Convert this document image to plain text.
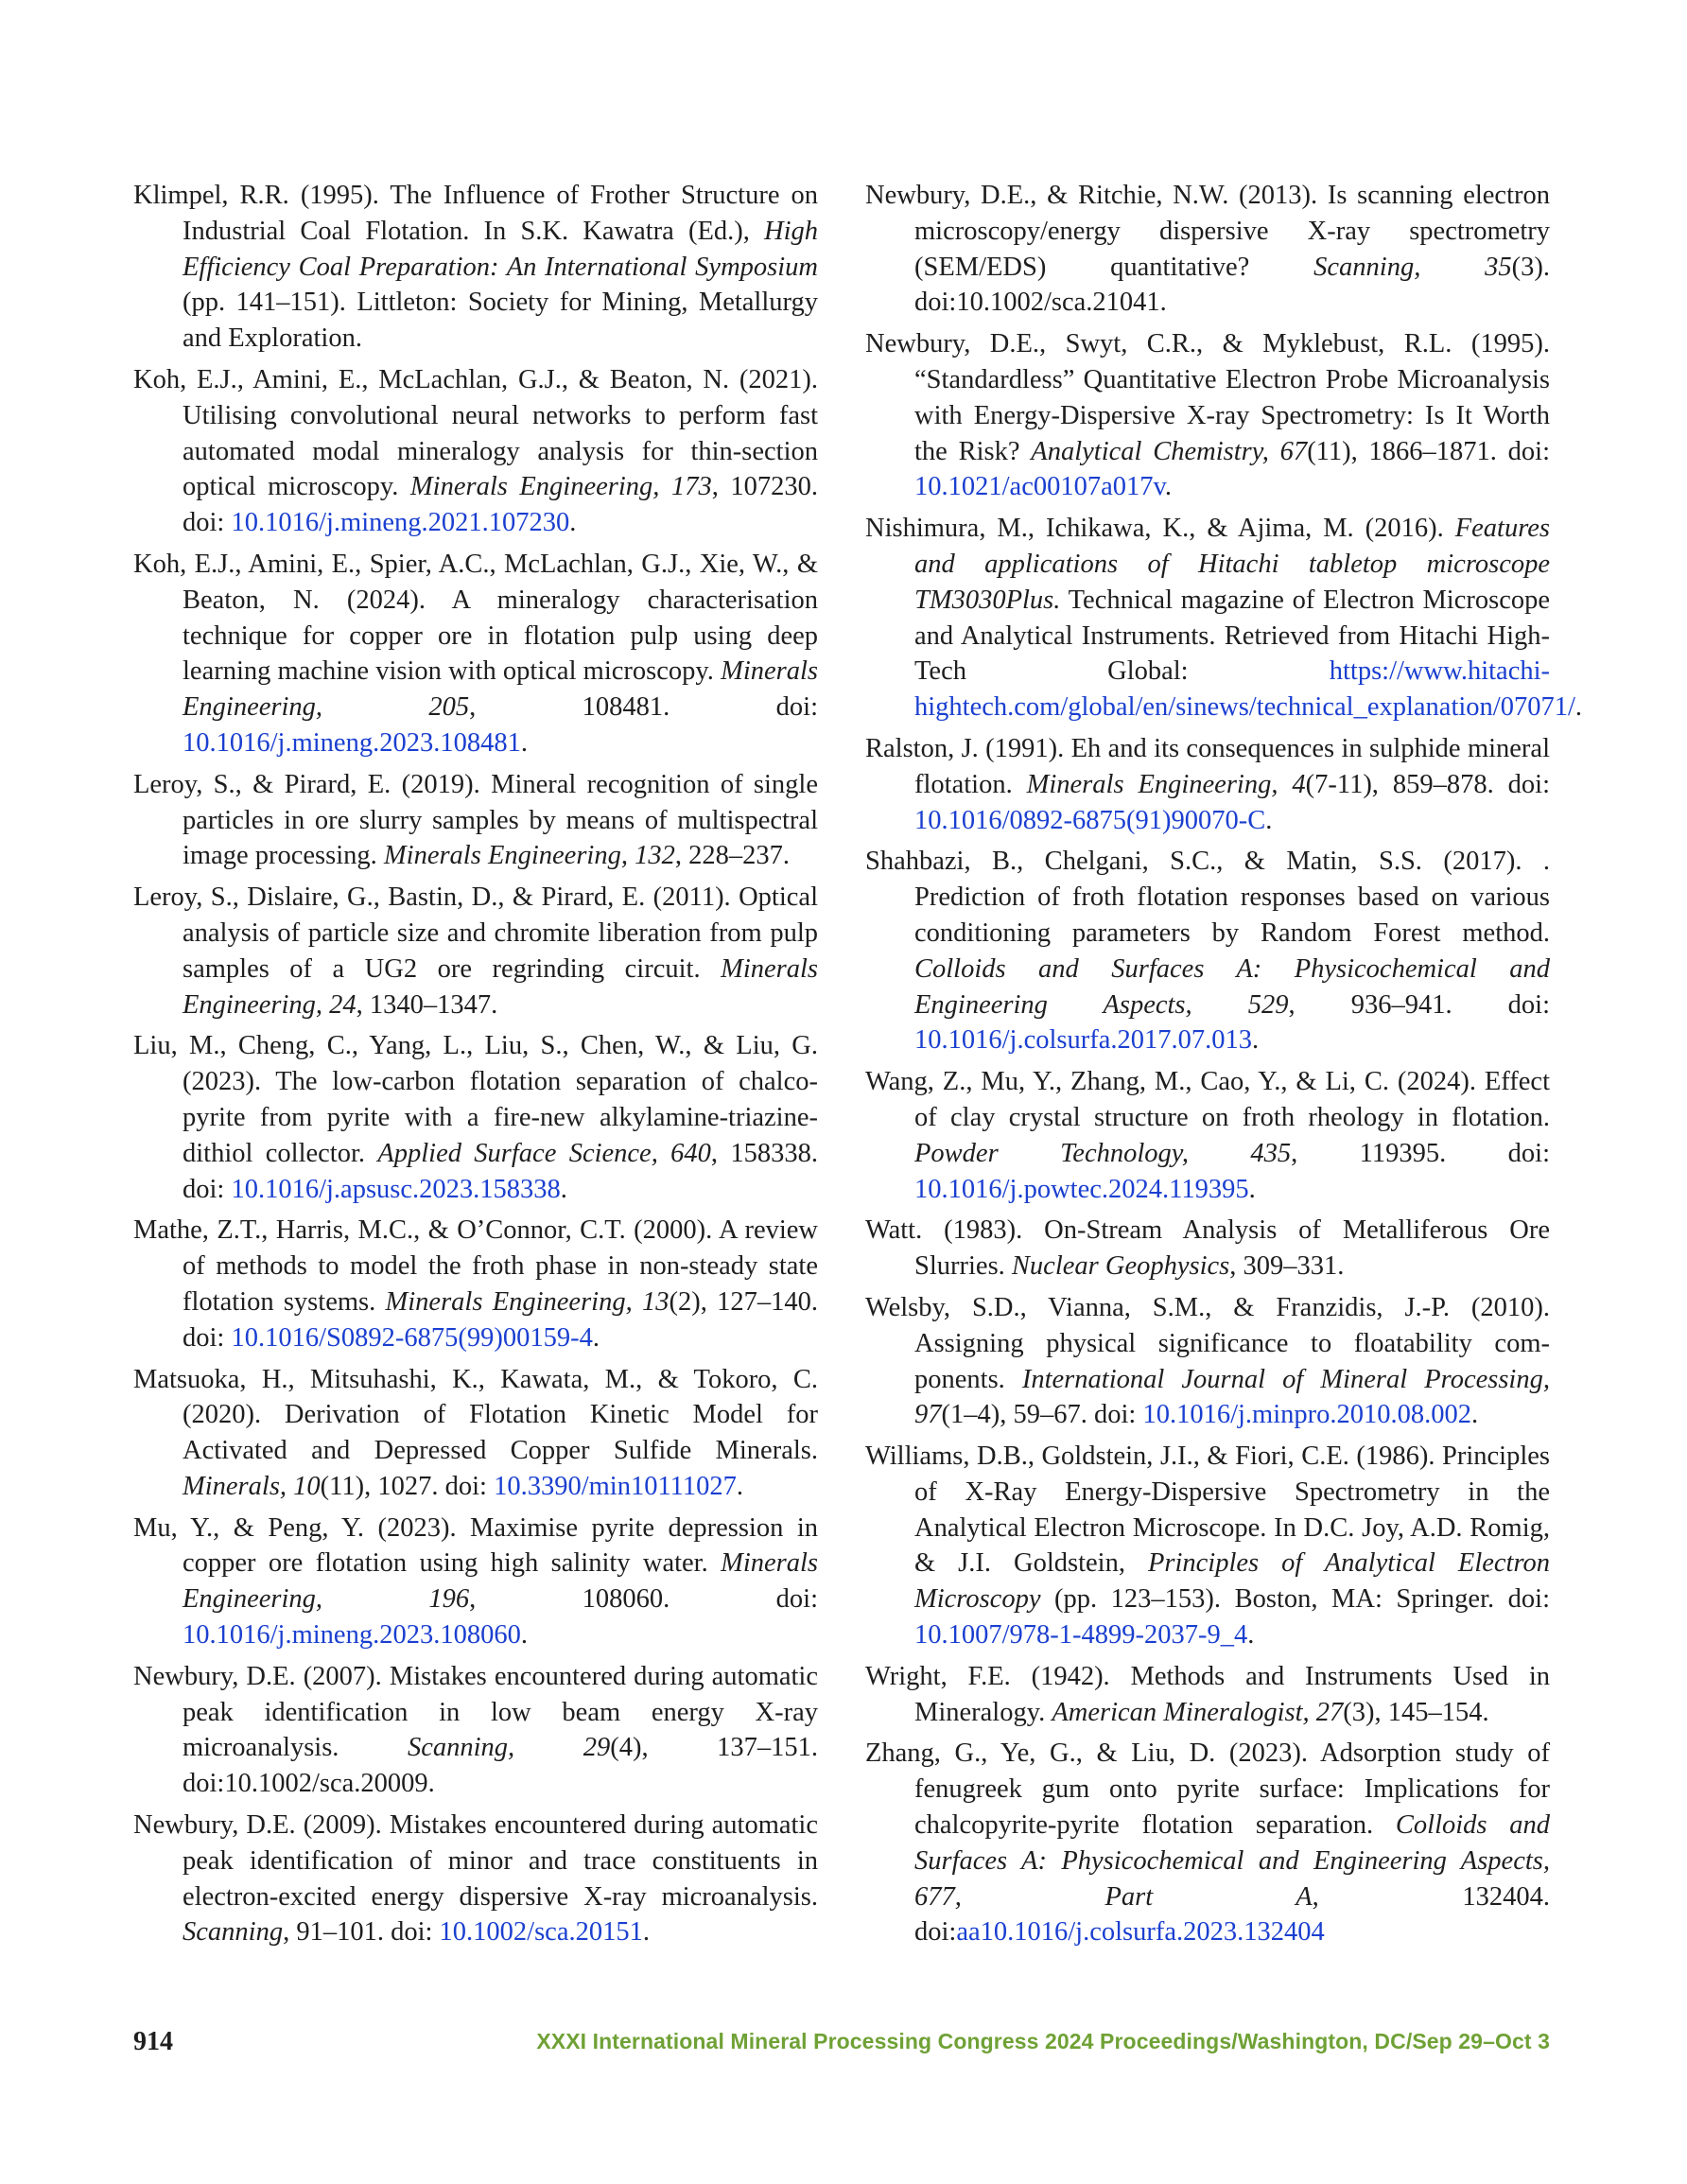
Klimpel, R.R. (1995). The Influence of Frother Structure on Industrial Coal Flotation. In S.K. Kawatra (Ed.), High Efficiency Coal Preparation: An International Symposium (pp. 141–151). Littleton: Society for Mining, Metallurgy and Exploration.

Koh, E.J., Amini, E., McLachlan, G.J., & Beaton, N. (2021). Utilising convolutional neural networks to perform fast automated modal mineralogy analysis for thin-section optical microscopy. Minerals Engineering, 173, 107230. doi: 10.1016/j.mineng.2021.107230.

Koh, E.J., Amini, E., Spier, A.C., McLachlan, G.J., Xie, W., & Beaton, N. (2024). A mineralogy characterisation technique for copper ore in flotation pulp using deep learning machine vision with optical microscopy. Minerals Engineering, 205, 108481. doi: 10.1016/j.mineng.2023.108481.

Leroy, S., & Pirard, E. (2019). Mineral recognition of single particles in ore slurry samples by means of multispectral image processing. Minerals Engineering, 132, 228–237.

Leroy, S., Dislaire, G., Bastin, D., & Pirard, E. (2011). Optical analysis of particle size and chromite liberation from pulp samples of a UG2 ore regrinding circuit. Minerals Engineering, 24, 1340–1347.

Liu, M., Cheng, C., Yang, L., Liu, S., Chen, W., & Liu, G. (2023). The low-carbon flotation separation of chalcopyrite from pyrite with a fire-new alkylamine-triazine-dithiol collector. Applied Surface Science, 640, 158338. doi: 10.1016/j.apsusc.2023.158338.

Mathe, Z.T., Harris, M.C., & O’Connor, C.T. (2000). A review of methods to model the froth phase in non-steady state flotation systems. Minerals Engineering, 13(2), 127–140. doi: 10.1016/S0892-6875(99)00159-4.

Matsuoka, H., Mitsuhashi, K., Kawata, M., & Tokoro, C. (2020). Derivation of Flotation Kinetic Model for Activated and Depressed Copper Sulfide Minerals. Minerals, 10(11), 1027. doi: 10.3390/min10111027.

Mu, Y., & Peng, Y. (2023). Maximise pyrite depression in copper ore flotation using high salinity water. Minerals Engineering, 196, 108060. doi: 10.1016/j.mineng.2023.108060.

Newbury, D.E. (2007). Mistakes encountered during automatic peak identification in low beam energy X-ray microanalysis. Scanning, 29(4), 137–151. doi:10.1002/sca.20009.

Newbury, D.E. (2009). Mistakes encountered during automatic peak identification of minor and trace constituents in electron-excited energy dispersive X-ray microanalysis. Scanning, 91–101. doi: 10.1002/sca.20151.

Newbury, D.E., & Ritchie, N.W. (2013). Is scanning electron microscopy/energy dispersive X-ray spectrometry (SEM/EDS) quantitative? Scanning, 35(3). doi:10.1002/sca.21041.

Newbury, D.E., Swyt, C.R., & Myklebust, R.L. (1995). “Standardless” Quantitative Electron Probe Microanalysis with Energy-Dispersive X-ray Spectrometry: Is It Worth the Risk? Analytical Chemistry, 67(11), 1866–1871. doi: 10.1021/ac00107a017v.

Nishimura, M., Ichikawa, K., & Ajima, M. (2016). Features and applications of Hitachi tabletop microscope TM3030Plus. Technical magazine of Electron Microscope and Analytical Instruments. Retrieved from Hitachi High-Tech Global: https://www.hitachi-hightech.com/global/en/sinews/technical_explanation/07071/.

Ralston, J. (1991). Eh and its consequences in sulphide mineral flotation. Minerals Engineering, 4(7-11), 859–878. doi: 10.1016/0892-6875(91)90070-C.

Shahbazi, B., Chelgani, S.C., & Matin, S.S. (2017). . Prediction of froth flotation responses based on various conditioning parameters by Random Forest method. Colloids and Surfaces A: Physicochemical and Engineering Aspects, 529, 936–941. doi: 10.1016/j.colsurfa.2017.07.013.

Wang, Z., Mu, Y., Zhang, M., Cao, Y., & Li, C. (2024). Effect of clay crystal structure on froth rheology in flotation. Powder Technology, 435, 119395. doi: 10.1016/j.powtec.2024.119395.

Watt. (1983). On-Stream Analysis of Metalliferous Ore Slurries. Nuclear Geophysics, 309–331.

Welsby, S.D., Vianna, S.M., & Franzidis, J.-P. (2010). Assigning physical significance to floatability components. International Journal of Mineral Processing, 97(1–4), 59–67. doi: 10.1016/j.minpro.2010.08.002.

Williams, D.B., Goldstein, J.I., & Fiori, C.E. (1986). Principles of X-Ray Energy-Dispersive Spectrometry in the Analytical Electron Microscope. In D.C. Joy, A.D. Romig, & J.I. Goldstein, Principles of Analytical Electron Microscopy (pp. 123–153). Boston, MA: Springer. doi: 10.1007/978-1-4899-2037-9_4.

Wright, F.E. (1942). Methods and Instruments Used in Mineralogy. American Mineralogist, 27(3), 145–154.

Zhang, G., Ye, G., & Liu, D. (2023). Adsorption study of fenugreek gum onto pyrite surface: Implications for chalcopyrite-pyrite flotation separation. Colloids and Surfaces A: Physicochemical and Engineering Aspects, 677, Part A, 132404. doi:aa10.1016/j.colsurfa.2023.132404

914	XXXI International Mineral Processing Congress 2024 Proceedings/Washington, DC/Sep 29–Oct 3
